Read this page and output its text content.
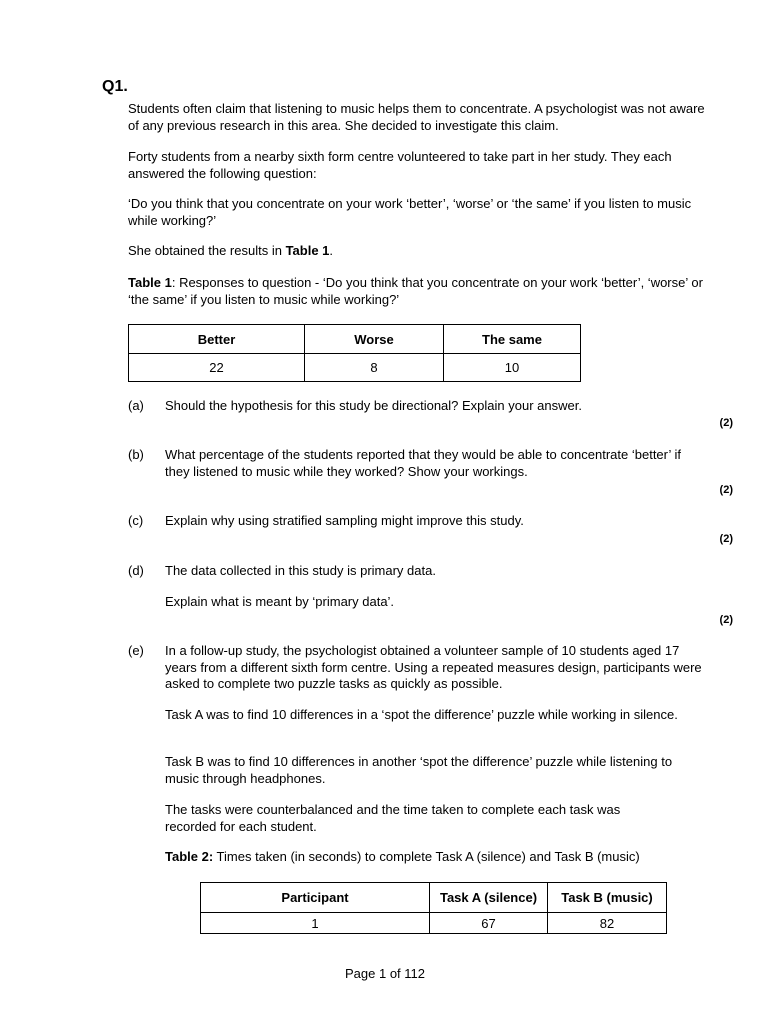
Q1.
Students often claim that listening to music helps them to concentrate. A psychologist was not aware of any previous research in this area. She decided to investigate this claim.
Forty students from a nearby sixth form centre volunteered to take part in her study. They each answered the following question:
‘Do you think that you concentrate on your work ‘better’, ‘worse’ or ‘the same’ if you listen to music while working?’
She obtained the results in Table 1.
Table 1: Responses to question - ‘Do you think that you concentrate on your work ‘better’, ‘worse’ or ‘the same’ if you listen to music while working?’
Better	Worse	The same
22	8	10
(a) Should the hypothesis for this study be directional? Explain your answer.
(2)
(b) What percentage of the students reported that they would be able to concentrate ‘better’ if they listened to music while they worked? Show your workings.
(2)
(c) Explain why using stratified sampling might improve this study.
(2)
(d) The data collected in this study is primary data.
Explain what is meant by ‘primary data’.
(2)
(e) In a follow-up study, the psychologist obtained a volunteer sample of 10 students aged 17 years from a different sixth form centre. Using a repeated measures design, participants were asked to complete two puzzle tasks as quickly as possible.
Task A was to find 10 differences in a ‘spot the difference’ puzzle while working in silence.
Task B was to find 10 differences in another ‘spot the difference’ puzzle while listening to music through headphones.
The tasks were counterbalanced and the time taken to complete each task was recorded for each student.
Table 2: Times taken (in seconds) to complete Task A (silence) and Task B (music)
Participant	Task A (silence)	Task B (music)
1	67	82
Page 1 of 112
